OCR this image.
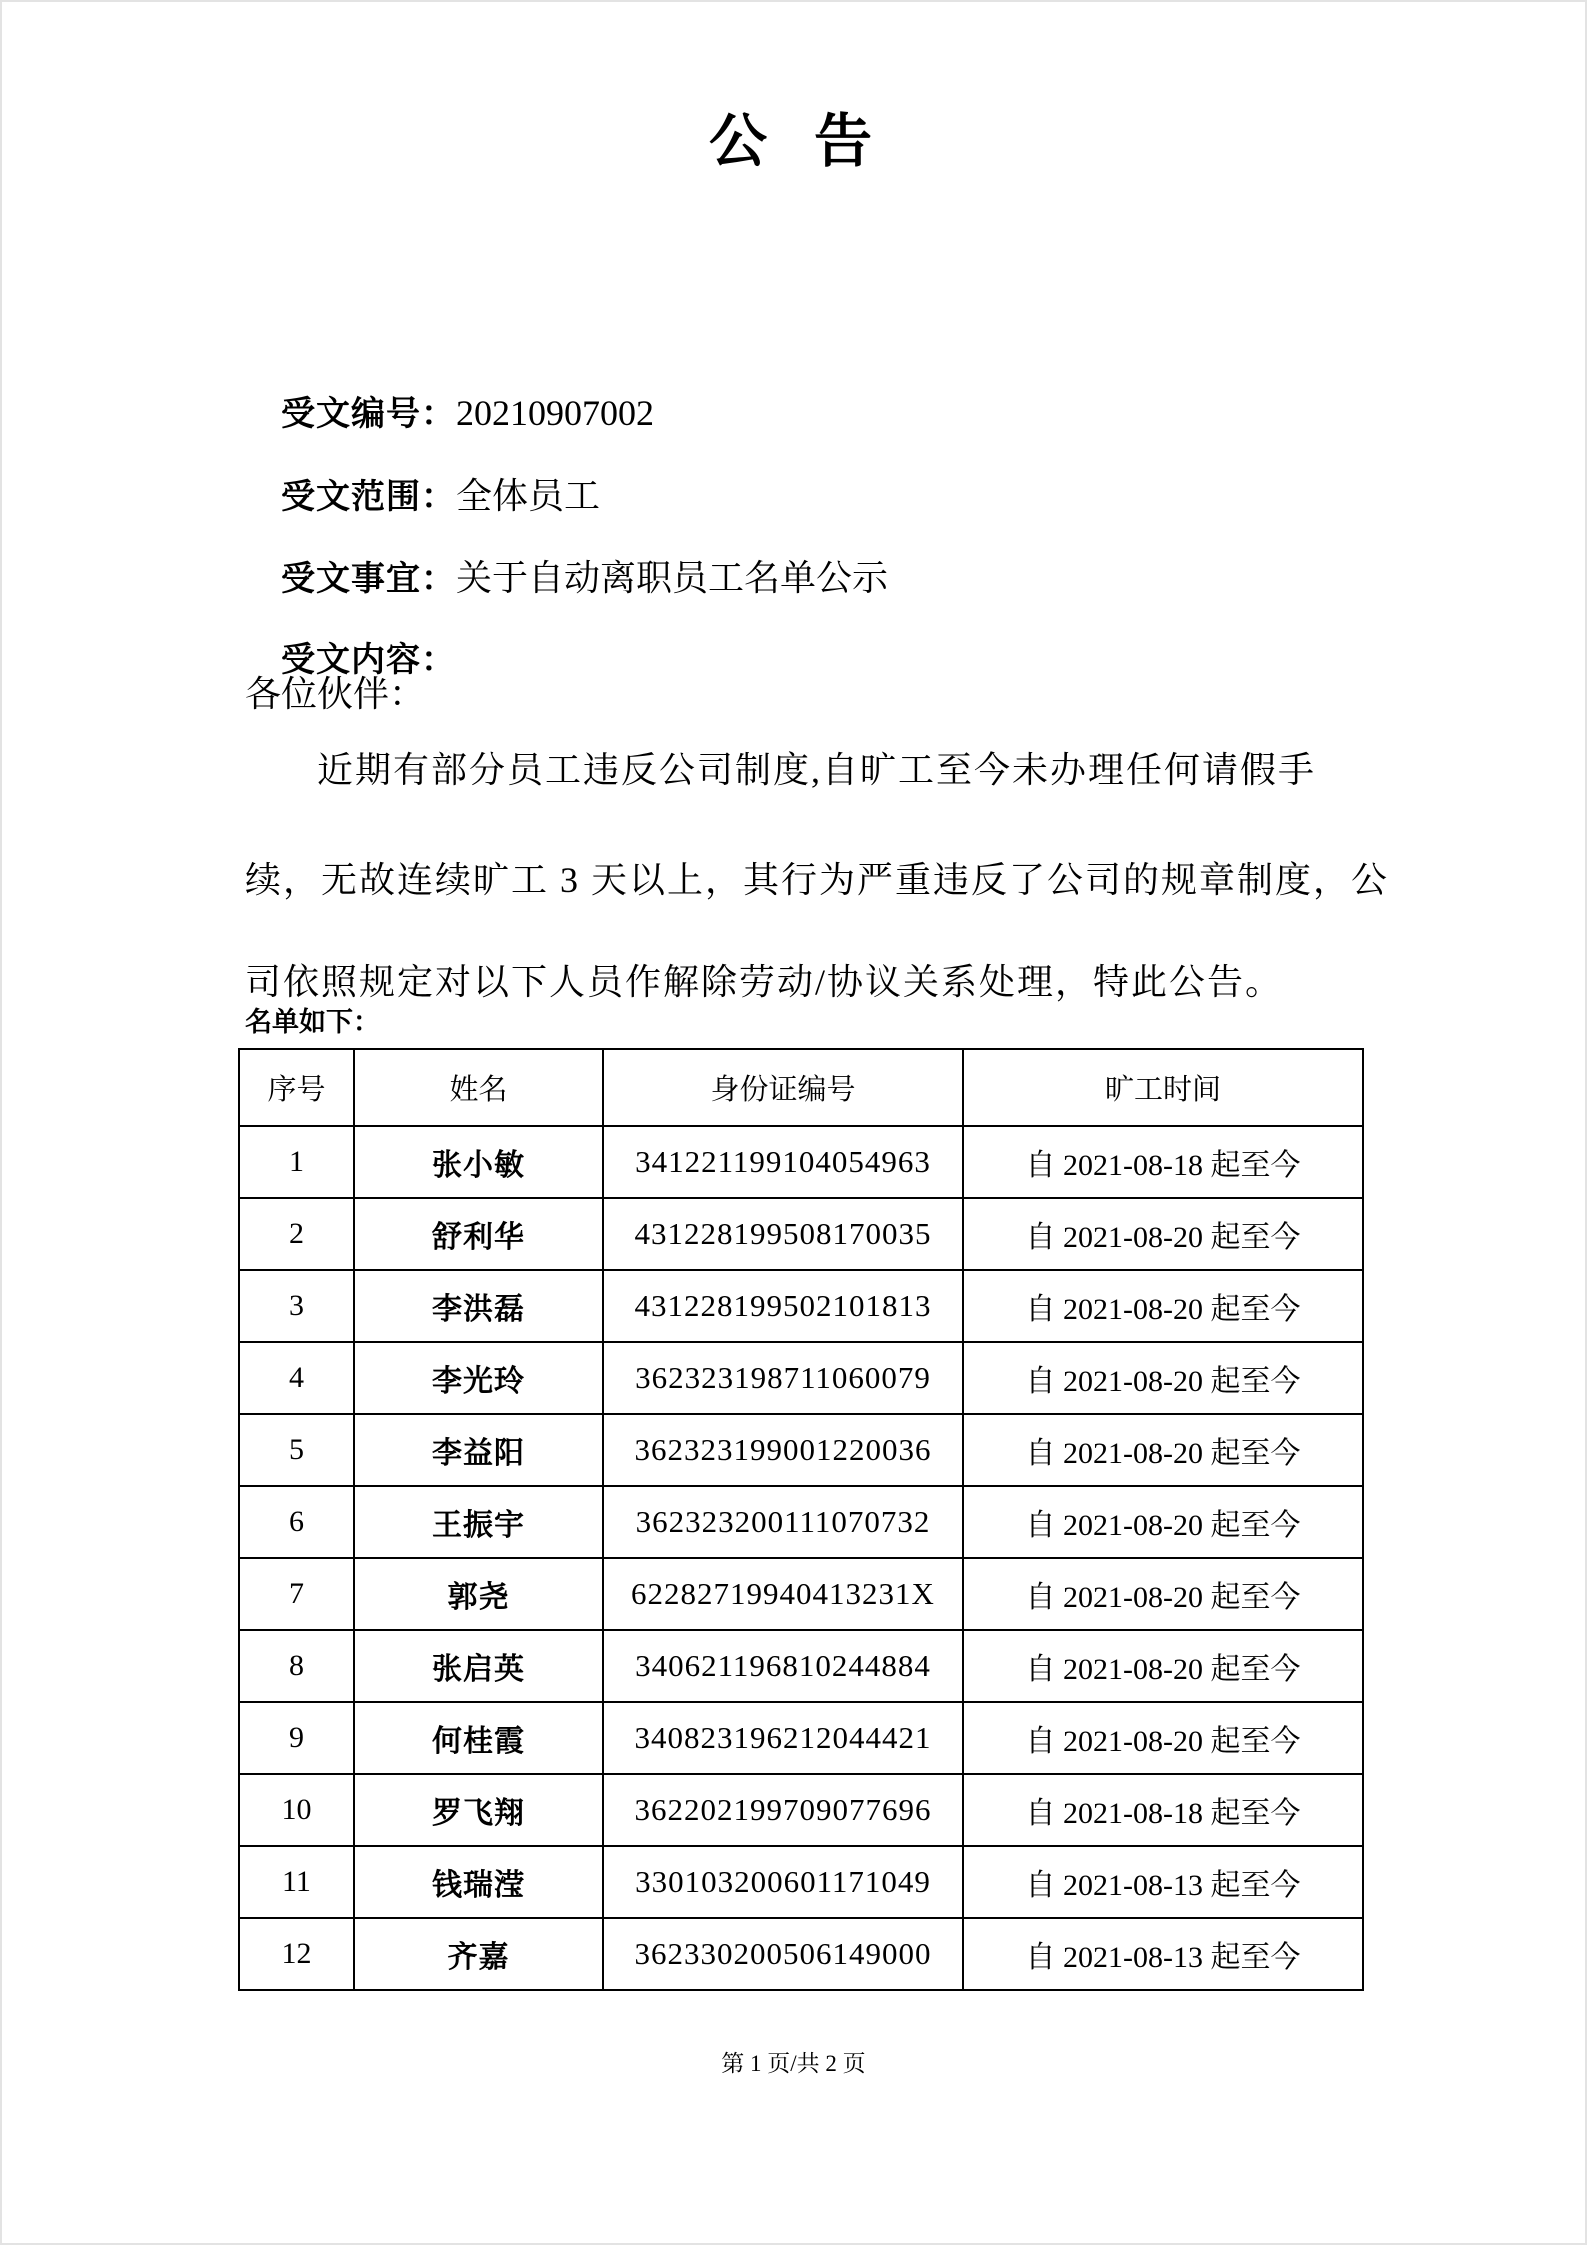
公  告

受文编号：20210907002

受文范围：全体员工

受文事宜：关于自动离职员工名单公示

受文内容：

各位伙伴：
近期有部分员工违反公司制度,自旷工至今未办理任何请假手
续，无故连续旷工 3 天以上，其行为严重违反了公司的规章制度，公
司依照规定对以下人员作解除劳动/协议关系处理，特此公告。
名单如下：
序号	姓名	身份证编号	旷工时间
1	张小敏	341221199104054963	自 2021-08-18 起至今
2	舒利华	431228199508170035	自 2021-08-20 起至今
3	李洪磊	431228199502101813	自 2021-08-20 起至今
4	李光玲	362323198711060079	自 2021-08-20 起至今
5	李益阳	362323199001220036	自 2021-08-20 起至今
6	王振宇	362323200111070732	自 2021-08-20 起至今
7	郭尧	62282719940413231X	自 2021-08-20 起至今
8	张启英	340621196810244884	自 2021-08-20 起至今
9	何桂霞	340823196212044421	自 2021-08-20 起至今
10	罗飞翔	362202199709077696	自 2021-08-18 起至今
11	钱瑞滢	330103200601171049	自 2021-08-13 起至今
12	齐嘉	362330200506149000	自 2021-08-13 起至今
第 1 页/共 2 页
